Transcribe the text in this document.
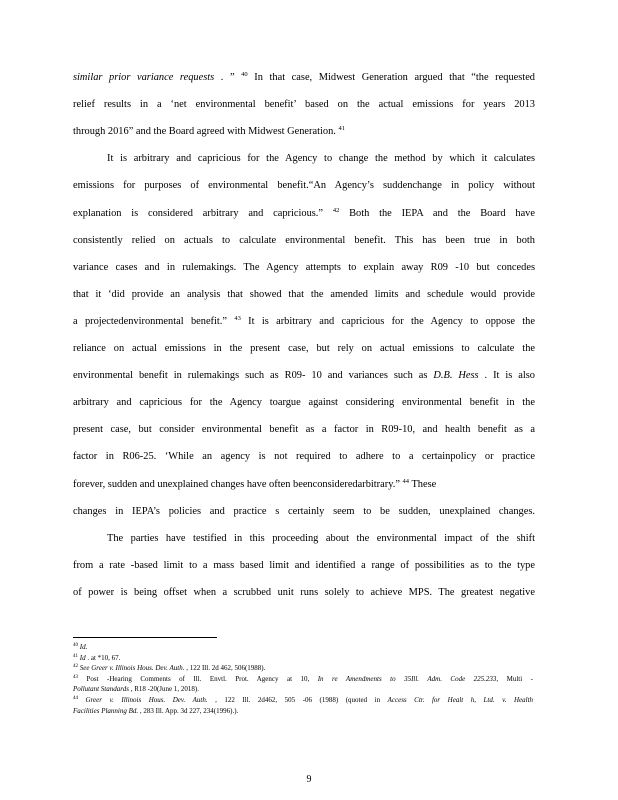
similar prior variance requests . ” $^{40}$ In that case, Midwest Generation argued that “the requested
relief results in a ‘net environmental benefit’ based on the actual emissions for years 2013
through 2016” and the Board agreed with Midwest Generation. $^{41}$
It is arbitrary and capricious for the Agency to change the method by which it calculates
emissions for purposes of environmental benefit.“An Agency’s suddenchange in policy without
explanation is considered arbitrary and capricious.” $^{42}$ Both the IEPA and the Board have
consistently relied on actuals to calculate environmental benefit. This has been true in both
variance cases and in rulemakings. The Agency attempts to explain away R09 -10 but concedes
that it ‘did provide an analysis that showed that the amended limits and schedule would provide
a projectedenvironmental benefit.” $^{43}$ It is arbitrary and capricious for the Agency to oppose the
reliance on actual emissions in the present case, but rely on actual emissions to calculate the
environmental benefit in rulemakings such as R09- 10 and variances such as D.B. Hess . It is also
arbitrary and capricious for the Agency toargue against considering environmental benefit in the
present case, but consider environmental benefit as a factor in R09-10, and health benefit as a
factor in R06-25. ‘While an agency is not required to adhere to a certainpolicy or practice
forever, sudden and unexplained changes have often beenconsideredarbitrary.” $^{44}$ These
changes in IEPA’s policies and practice s certainly seem to be sudden, unexplained changes.
The parties have testified in this proceeding about the environmental impact of the shift
from a rate -based limit to a mass based limit and identified a range of possibilities as to the type
of power is being offset when a scrubbed unit runs solely to achieve MPS. The greatest negative
$^{40}$ Id.
$^{41}$ Id . at *10, 67.
$^{42}$ See Greer v. Illinois Hous. Dev. Auth. , 122 Ill. 2d 462, 506(1988).
$^{43}$ Post -Hearing Comments of Ill. Envtl. Prot. Agency at 10, In re Amendments to 35Ill. Adm. Code 225.233, Multi -
Pollutant Standards , R18 -20(June 1, 2018).
$^{44}$ Greer v. Illinois Hous. Dev. Auth. , 122 Ill. 2d462, 505 -06 (1988) (quoted in Access Ctr. for Healt h, Ltd. v. Health
Facilities Planning Bd. , 283 Ill. App. 3d 227, 234(1996).).
9
